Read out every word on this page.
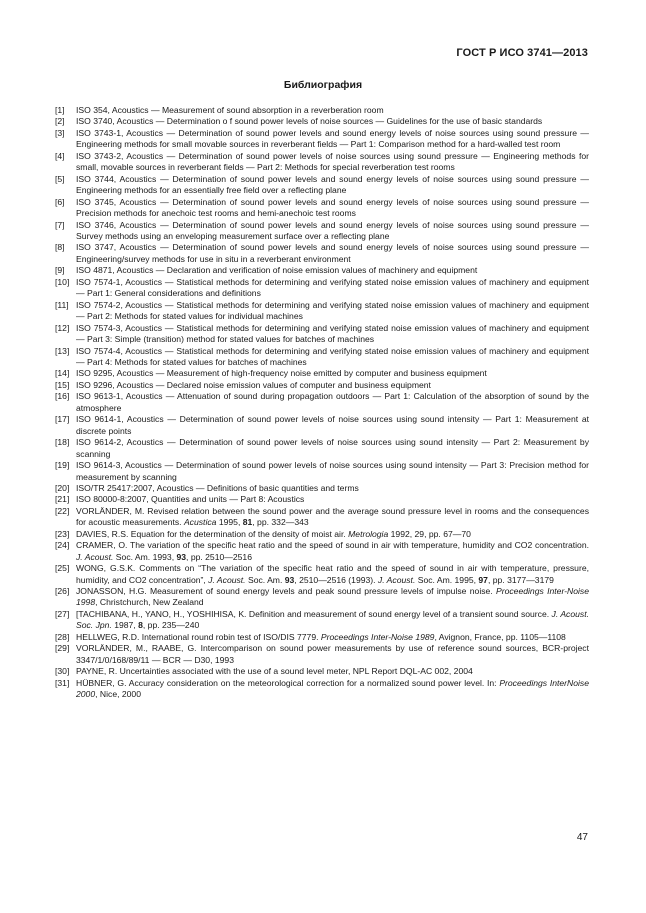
ГОСТ Р ИСО 3741—2013
Библиография
[1] ISO 354, Acoustics — Measurement of sound absorption in a reverberation room
[2] ISO 3740, Acoustics — Determination o f sound power levels of noise sources — Guidelines for the use of basic standards
[3] ISO 3743-1, Acoustics — Determination of sound power levels and sound energy levels of noise sources using sound pressure — Engineering methods for small movable sources in reverberant fields — Part 1: Comparison method for a hard-walled test room
[4] ISO 3743-2, Acoustics — Determination of sound power levels of noise sources using sound pressure — Engineering methods for small, movable sources in reverberant fields — Part 2: Methods for special reverberation test rooms
[5] ISO 3744, Acoustics — Determination of sound power levels and sound energy levels of noise sources using sound pressure — Engineering methods for an essentially free field over a reflecting plane
[6] ISO 3745, Acoustics — Determination of sound power levels and sound energy levels of noise sources using sound pressure — Precision methods for anechoic test rooms and hemi-anechoic test rooms
[7] ISO 3746, Acoustics — Determination of sound power levels and sound energy levels of noise sources using sound pressure — Survey methods using an enveloping measurement surface over a reflecting plane
[8] ISO 3747, Acoustics — Determination of sound power levels and sound energy levels of noise sources using sound pressure — Engineering/survey methods for use in situ in a reverberant environment
[9] ISO 4871, Acoustics — Declaration and verification of noise emission values of machinery and equipment
[10] ISO 7574-1, Acoustics — Statistical methods for determining and verifying stated noise emission values of machinery and equipment — Part 1: General considerations and definitions
[11] ISO 7574-2, Acoustics — Statistical methods for determining and verifying stated noise emission values of machinery and equipment — Part 2: Methods for stated values for individual machines
[12] ISO 7574-3, Acoustics — Statistical methods for determining and verifying stated noise emission values of machinery and equipment — Part 3: Simple (transition) method for stated values for batches of machines
[13] ISO 7574-4, Acoustics — Statistical methods for determining and verifying stated noise emission values of machinery and equipment — Part 4: Methods for stated values for batches of machines
[14] ISO 9295, Acoustics — Measurement of high-frequency noise emitted by computer and business equipment
[15] ISO 9296, Acoustics — Declared noise emission values of computer and business equipment
[16] ISO 9613-1, Acoustics — Attenuation of sound during propagation outdoors — Part 1: Calculation of the absorption of sound by the atmosphere
[17] ISO 9614-1, Acoustics — Determination of sound power levels of noise sources using sound intensity — Part 1: Measurement at discrete points
[18] ISO 9614-2, Acoustics — Determination of sound power levels of noise sources using sound intensity — Part 2: Measurement by scanning
[19] ISO 9614-3, Acoustics — Determination of sound power levels of noise sources using sound intensity — Part 3: Precision method for measurement by scanning
[20] ISO/TR 25417:2007, Acoustics — Definitions of basic quantities and terms
[21] ISO 80000-8:2007, Quantities and units — Part 8: Acoustics
[22] VORLÄNDER, M. Revised relation between the sound power and the average sound pressure level in rooms and the consequences for acoustic measurements. Acustica 1995, 81, pp. 332—343
[23] DAVIES, R.S. Equation for the determination of the density of moist air. Metrologia 1992, 29, pp. 67—70
[24] CRAMER, O. The variation of the specific heat ratio and the speed of sound in air with temperature, humidity and CO2 concentration. J. Acoust. Soc. Am. 1993, 93, pp. 2510—2516
[25] WONG, G.S.K. Comments on “The variation of the specific heat ratio and the speed of sound in air with temperature, pressure, humidity, and CO2 concentration”, J. Acoust. Soc. Am. 93, 2510—2516 (1993). J. Acoust. Soc. Am. 1995, 97, pp. 3177—3179
[26] JONASSON, H.G. Measurement of sound energy levels and peak sound pressure levels of impulse noise. Proceedings Inter-Noise 1998, Christchurch, New Zealand
[27] [TACHIBANA, H., YANO, H., YOSHIHISA, K. Definition and measurement of sound energy level of a transient sound source. J. Acoust. Soc. Jpn. 1987, 8, pp. 235—240
[28] HELLWEG, R.D. International round robin test of ISO/DIS 7779. Proceedings Inter-Noise 1989, Avignon, France, pp. 1105—1108
[29] VORLÄNDER, M., RAABE, G. Intercomparison on sound power measurements by use of reference sound sources, BCR-project 3347/1/0/168/89/11 — BCR — D30, 1993
[30] PAYNE, R. Uncertainties associated with the use of a sound level meter, NPL Report DQL-AC 002, 2004
[31] HÜBNER, G. Accuracy consideration on the meteorological correction for a normalized sound power level. In: Proceedings InterNoise 2000, Nice, 2000
47
